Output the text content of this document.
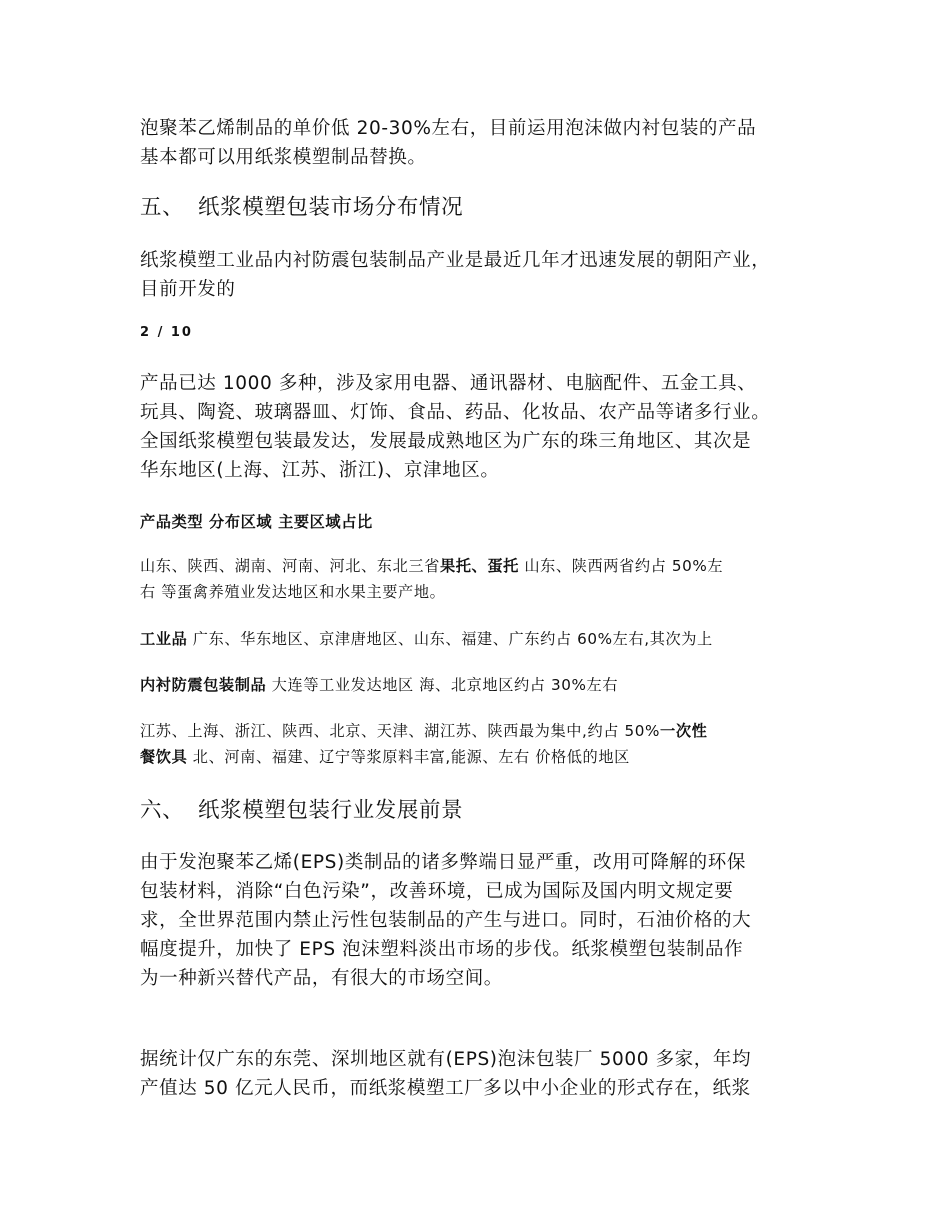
泡聚苯乙烯制品的单价低 20-30%左右，目前运用泡沫做内衬包装的产品
基本都可以用纸浆模塑制品替换。

五、 纸浆模塑包装市场分布情况

纸浆模塑工业品内衬防震包装制品产业是最近几年才迅速发展的朝阳产业，
目前开发的

2 / 10

产品已达 1000 多种，涉及家用电器、通讯器材、电脑配件、五金工具、
玩具、陶瓷、玻璃器皿、灯饰、食品、药品、化妆品、农产品等诸多行业。
全国纸浆模塑包装最发达，发展最成熟地区为广东的珠三角地区、其次是
华东地区(上海、江苏、浙江)、京津地区。

产品类型 分布区域 主要区域占比

山东、陕西、湖南、河南、河北、东北三省果托、蛋托 山东、陕西两省约占 50%左
右 等蛋禽养殖业发达地区和水果主要产地。

工业品 广东、华东地区、京津唐地区、山东、福建、广东约占 60%左右,其次为上

内衬防震包装制品 大连等工业发达地区 海、北京地区约占 30%左右

江苏、上海、浙江、陕西、北京、天津、湖江苏、陕西最为集中,约占 50%一次性
餐饮具 北、河南、福建、辽宁等浆原料丰富,能源、左右 价格低的地区

六、 纸浆模塑包装行业发展前景

由于发泡聚苯乙烯(EPS)类制品的诸多弊端日显严重，改用可降解的环保
包装材料，消除“白色污染”，改善环境，已成为国际及国内明文规定要
求，全世界范围内禁止污性包装制品的产生与进口。同时，石油价格的大
幅度提升，加快了 EPS 泡沫塑料淡出市场的步伐。纸浆模塑包装制品作
为一种新兴替代产品，有很大的市场空间。

据统计仅广东的东莞、深圳地区就有(EPS)泡沫包装厂 5000 多家，年均
产值达 50 亿元人民币，而纸浆模塑工厂多以中小企业的形式存在，纸浆
